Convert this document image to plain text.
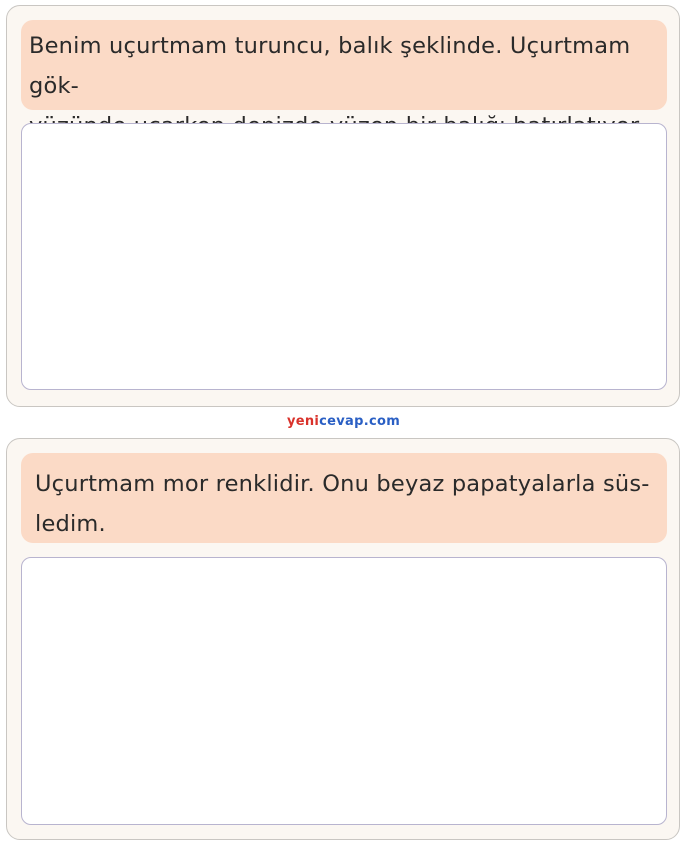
Benim uçurtmam turuncu, balık şeklinde. Uçurtmam gök-
yenicevap.com
Uçurtmam mor renklidir. Onu beyaz papatyalarla süs-
ledim.
